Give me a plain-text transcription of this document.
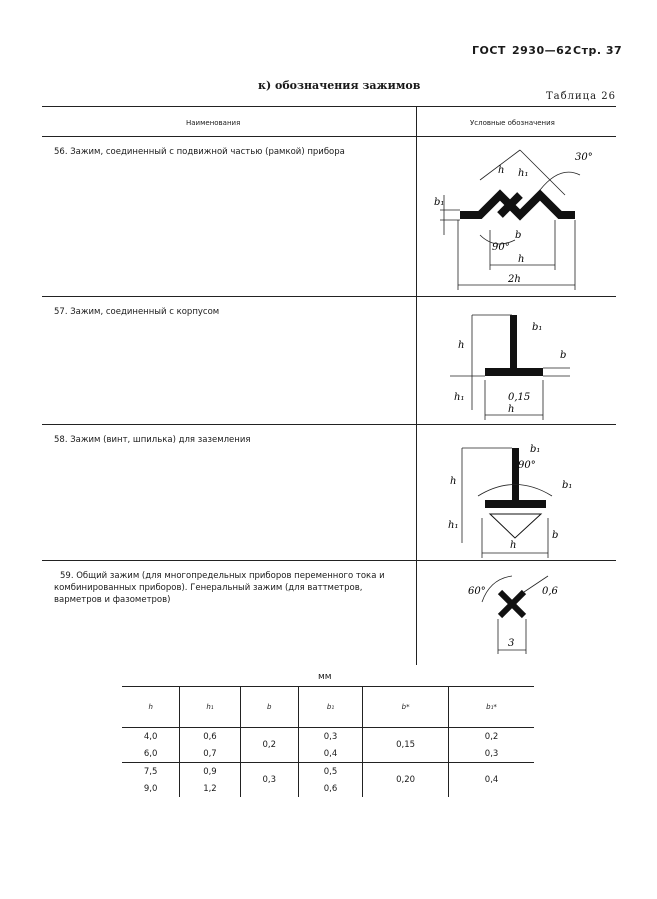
ГОСТ 2930—62 Стр. 37
к) обозначения зажимов
Таблица 26
Наименования	Условные обозначения
56. Зажим, соединенный с подвижной частью (рамкой) прибора
57. Зажим, соединенный с корпусом
58. Зажим (винт, шпилька) для заземления
59. Общий зажим (для многопредельных приборов переменного тока и комбинированных приборов). Генеральный зажим (для ваттметров, варметров и фазометров)
30°
h h₁
b₁
b
90°
h
2h
b₁
h
b
h₁	0,15
h
b₁
90°
h	b₁
h₁
b
h
60°	0,6
3
мм
h	h₁	b	b₁	b*	b₁*
4,0	0,6	0,2	0,3	0,15	0,2
6,0	0,7		0,4		0,3
7,5	0,9	0,3	0,5	0,20	0,4
9,0	1,2		0,6		
